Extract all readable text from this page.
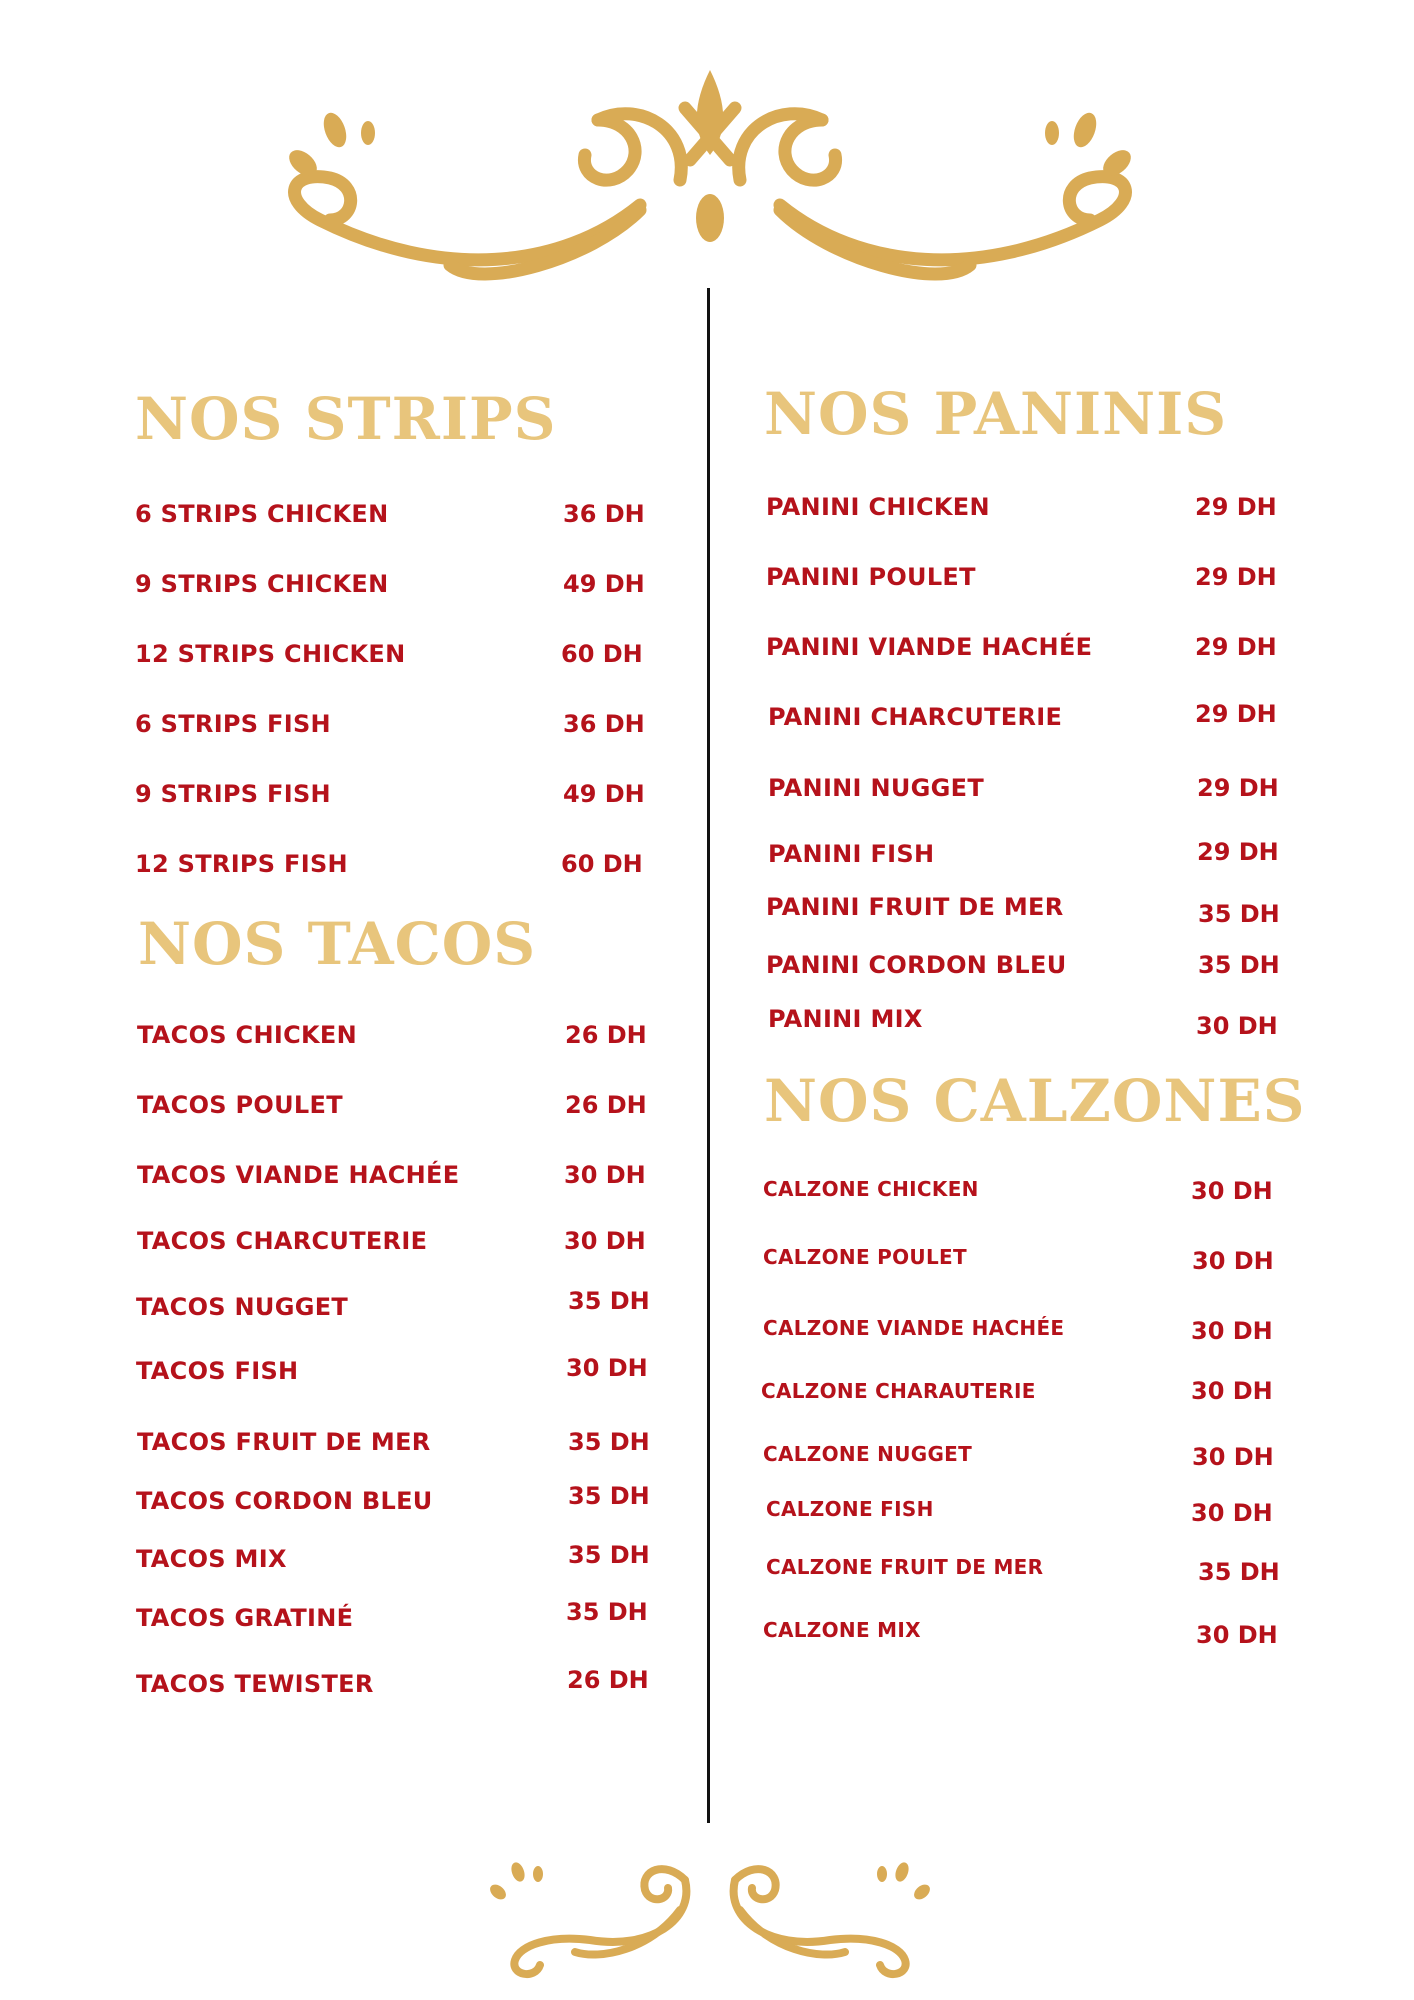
NOS STRIPS
6 STRIPS CHICKEN	36 DH
9 STRIPS CHICKEN	49 DH
12 STRIPS CHICKEN	60 DH
6 STRIPS FISH	36 DH
9 STRIPS FISH	49 DH
12 STRIPS FISH	60 DH
NOS TACOS
TACOS CHICKEN	26 DH
TACOS POULET	26 DH
TACOS VIANDE HACHÉE	30 DH
TACOS CHARCUTERIE	30 DH
TACOS NUGGET	35 DH
TACOS FISH	30 DH
TACOS FRUIT DE MER	35 DH
TACOS CORDON BLEU	35 DH
TACOS MIX	35 DH
TACOS GRATINÉ	35 DH
TACOS TEWISTER	26 DH
NOS PANINIS
PANINI CHICKEN	29 DH
PANINI POULET	29 DH
PANINI VIANDE HACHÉE	29 DH
PANINI CHARCUTERIE	29 DH
PANINI NUGGET	29 DH
PANINI FISH	29 DH
PANINI FRUIT DE MER	35 DH
PANINI CORDON BLEU	35 DH
PANINI MIX	30 DH
NOS CALZONES
CALZONE CHICKEN	30 DH
CALZONE POULET	30 DH
CALZONE VIANDE HACHÉE	30 DH
CALZONE CHARAUTERIE	30 DH
CALZONE NUGGET	30 DH
CALZONE FISH	30 DH
CALZONE FRUIT DE MER	35 DH
CALZONE MIX	30 DH
